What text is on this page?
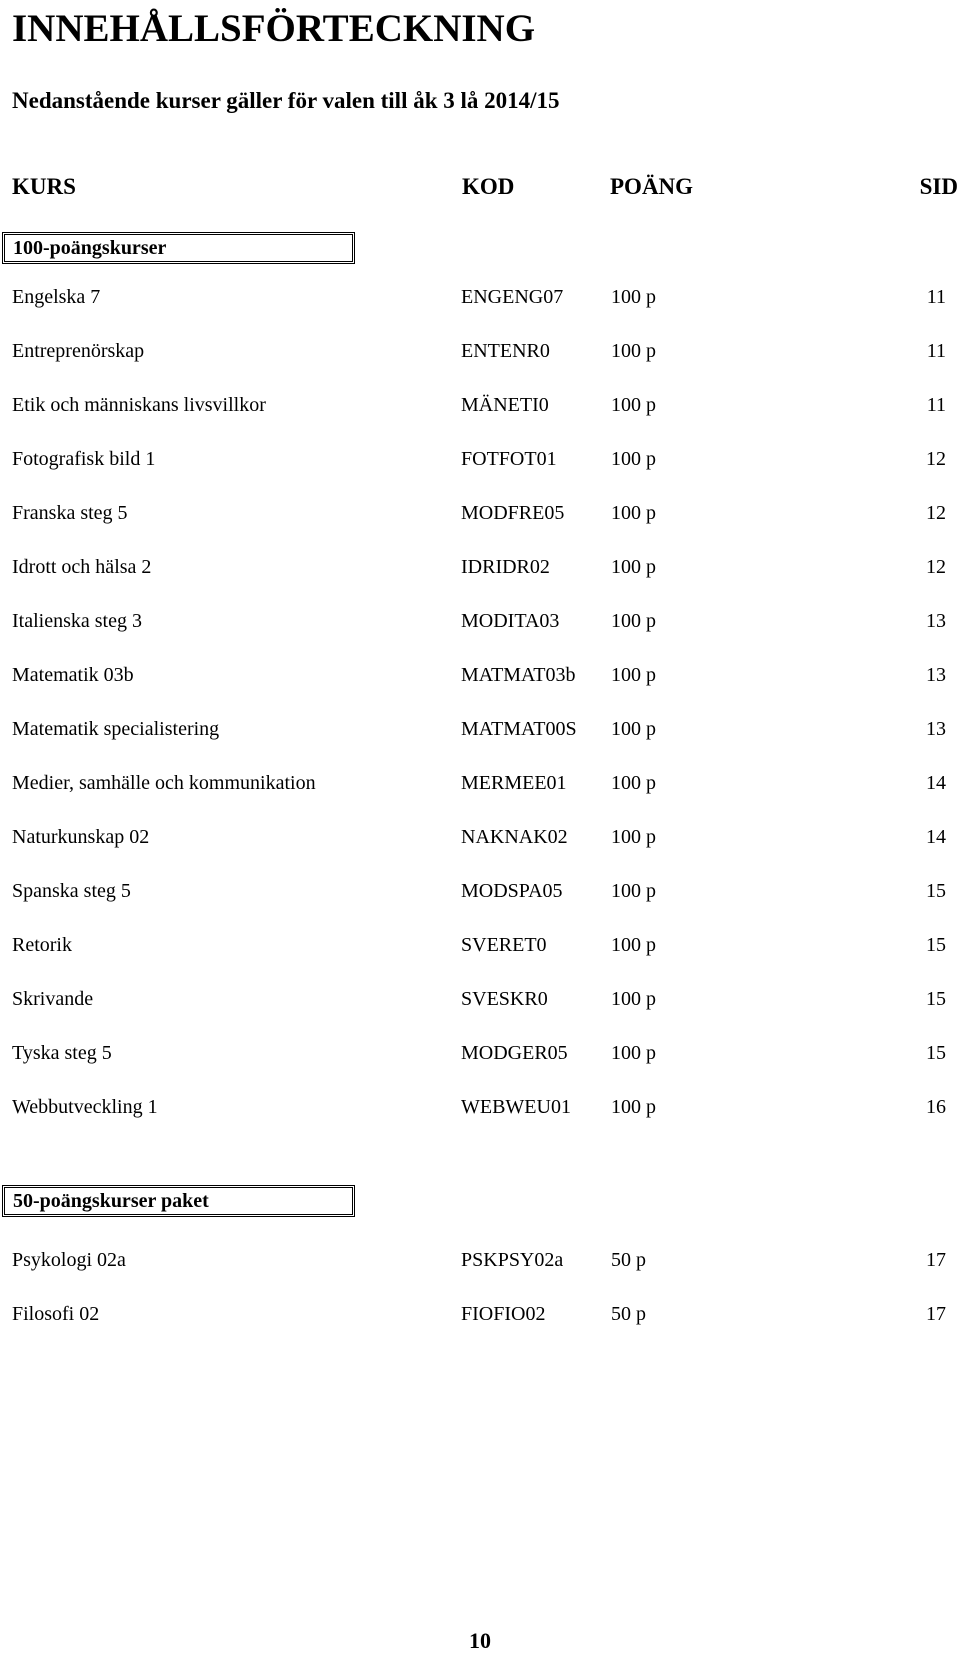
INNEHÅLLSFÖRTECKNING
Nedanstående kurser gäller för valen till åk 3 lå 2014/15
KURS	KOD	POÄNG	SID
100-poängskurser
Engelska 7	ENGENG07 100 p	11
Entreprenörskap	ENTENR0	100 p	11
Etik och människans livsvillkor	MÄNETI0	100 p	11
Fotografisk bild 1	FOTFOT01	100 p	12
Franska steg 5	MODFRE05 100 p	12
Idrott och hälsa 2	IDRIDR02	100 p	12
Italienska steg 3	MODITA03	100 p	13
Matematik 03b	MATMAT03b 100 p	13
Matematik specialistering	MATMAT00S 100 p	13
Medier, samhälle och kommunikation	MERMEE01 100 p	14
Naturkunskap 02	NAKNAK02 100 p	14
Spanska steg 5	MODSPA05 100 p	15
Retorik	SVERET0	100 p	15
Skrivande	SVESKR0	100 p	15
Tyska steg 5	MODGER05 100 p	15
Webbutveckling 1	WEBWEU01 100 p	16
50-poängskurser paket
Psykologi 02a	PSKPSY02a 50 p	17
Filosofi 02	FIOFIO02	50 p	17
10
